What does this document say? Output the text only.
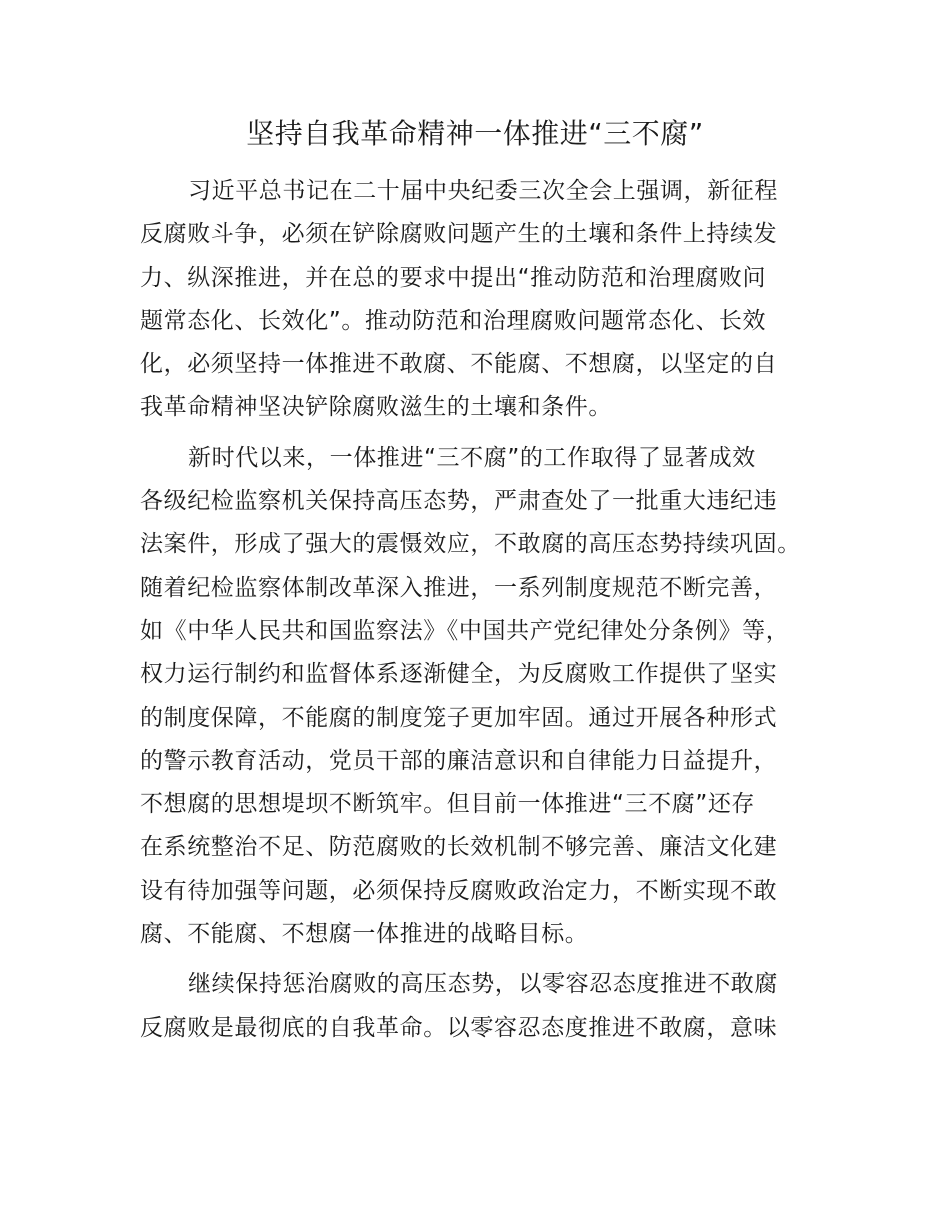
坚持自我革命精神一体推进“三不腐”
习近平总书记在二十届中央纪委三次全会上强调，新征程
反腐败斗争，必须在铲除腐败问题产生的土壤和条件上持续发
力、纵深推进，并在总的要求中提出“推动防范和治理腐败问
题常态化、长效化”。推动防范和治理腐败问题常态化、长效
化，必须坚持一体推进不敢腐、不能腐、不想腐，以坚定的自
我革命精神坚决铲除腐败滋生的土壤和条件。
新时代以来，一体推进“三不腐”的工作取得了显著成效
各级纪检监察机关保持高压态势，严肃查处了一批重大违纪违
法案件，形成了强大的震慑效应，不敢腐的高压态势持续巩固。
随着纪检监察体制改革深入推进，一系列制度规范不断完善，
如《中华人民共和国监察法》《中国共产党纪律处分条例》等，
权力运行制约和监督体系逐渐健全，为反腐败工作提供了坚实
的制度保障，不能腐的制度笼子更加牢固。通过开展各种形式
的警示教育活动，党员干部的廉洁意识和自律能力日益提升，
不想腐的思想堤坝不断筑牢。但目前一体推进“三不腐”还存
在系统整治不足、防范腐败的长效机制不够完善、廉洁文化建
设有待加强等问题，必须保持反腐败政治定力，不断实现不敢
腐、不能腐、不想腐一体推进的战略目标。
继续保持惩治腐败的高压态势，以零容忍态度推进不敢腐
反腐败是最彻底的自我革命。以零容忍态度推进不敢腐，意味
